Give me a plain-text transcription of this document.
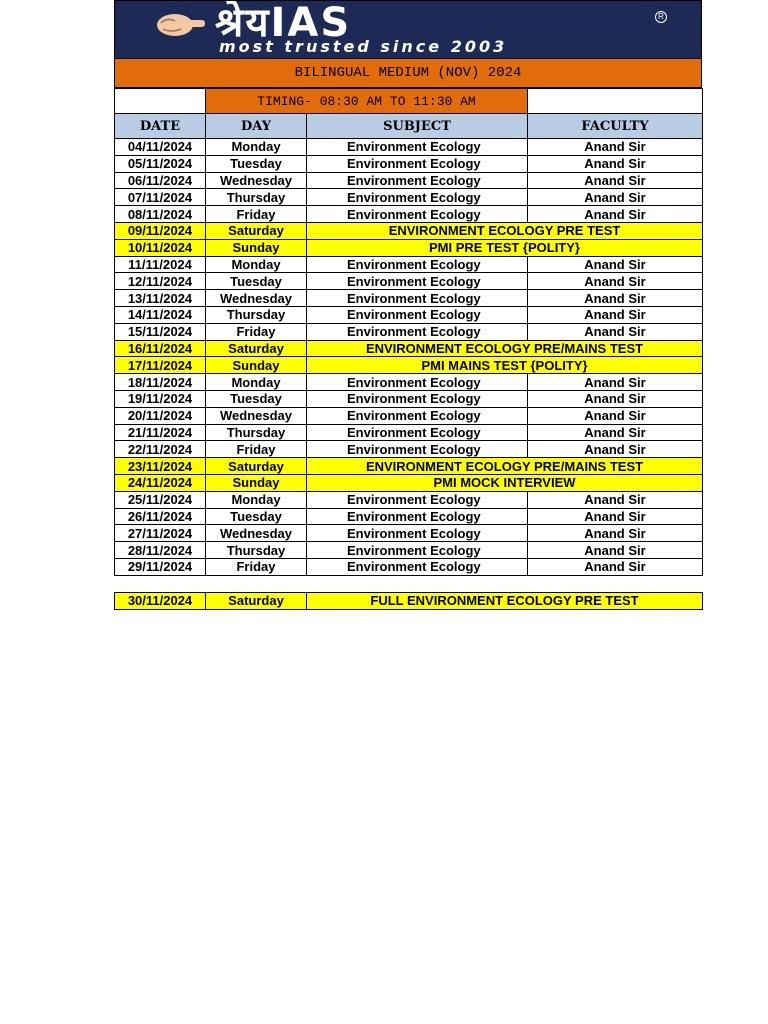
श्रेयIAS	R
most trusted since 2003
BILINGUAL MEDIUM (NOV) 2024
	TIMING- 08:30 AM TO 11:30 AM		
DATE	DAY	SUBJECT	FACULTY
04/11/2024	Monday	Environment Ecology	Anand Sir
05/11/2024	Tuesday	Environment Ecology	Anand Sir
06/11/2024	Wednesday	Environment Ecology	Anand Sir
07/11/2024	Thursday	Environment Ecology	Anand Sir
08/11/2024	Friday	Environment Ecology	Anand Sir
09/11/2024	Saturday	ENVIRONMENT ECOLOGY PRE TEST	
10/11/2024	Sunday	PMI PRE TEST {POLITY}	
11/11/2024	Monday	Environment Ecology	Anand Sir
12/11/2024	Tuesday	Environment Ecology	Anand Sir
13/11/2024	Wednesday	Environment Ecology	Anand Sir
14/11/2024	Thursday	Environment Ecology	Anand Sir
15/11/2024	Friday	Environment Ecology	Anand Sir
16/11/2024	Saturday	ENVIRONMENT ECOLOGY PRE/MAINS TEST	
17/11/2024	Sunday	PMI MAINS TEST {POLITY}	
18/11/2024	Monday	Environment Ecology	Anand Sir
19/11/2024	Tuesday	Environment Ecology	Anand Sir
20/11/2024	Wednesday	Environment Ecology	Anand Sir
21/11/2024	Thursday	Environment Ecology	Anand Sir
22/11/2024	Friday	Environment Ecology	Anand Sir
23/11/2024	Saturday	ENVIRONMENT ECOLOGY PRE/MAINS TEST	
24/11/2024	Sunday	PMI MOCK INTERVIEW	
25/11/2024	Monday	Environment Ecology	Anand Sir
26/11/2024	Tuesday	Environment Ecology	Anand Sir
27/11/2024	Wednesday	Environment Ecology	Anand Sir
28/11/2024	Thursday	Environment Ecology	Anand Sir
29/11/2024	Friday	Environment Ecology	Anand Sir
30/11/2024	Saturday	FULL ENVIRONMENT ECOLOGY PRE TEST
